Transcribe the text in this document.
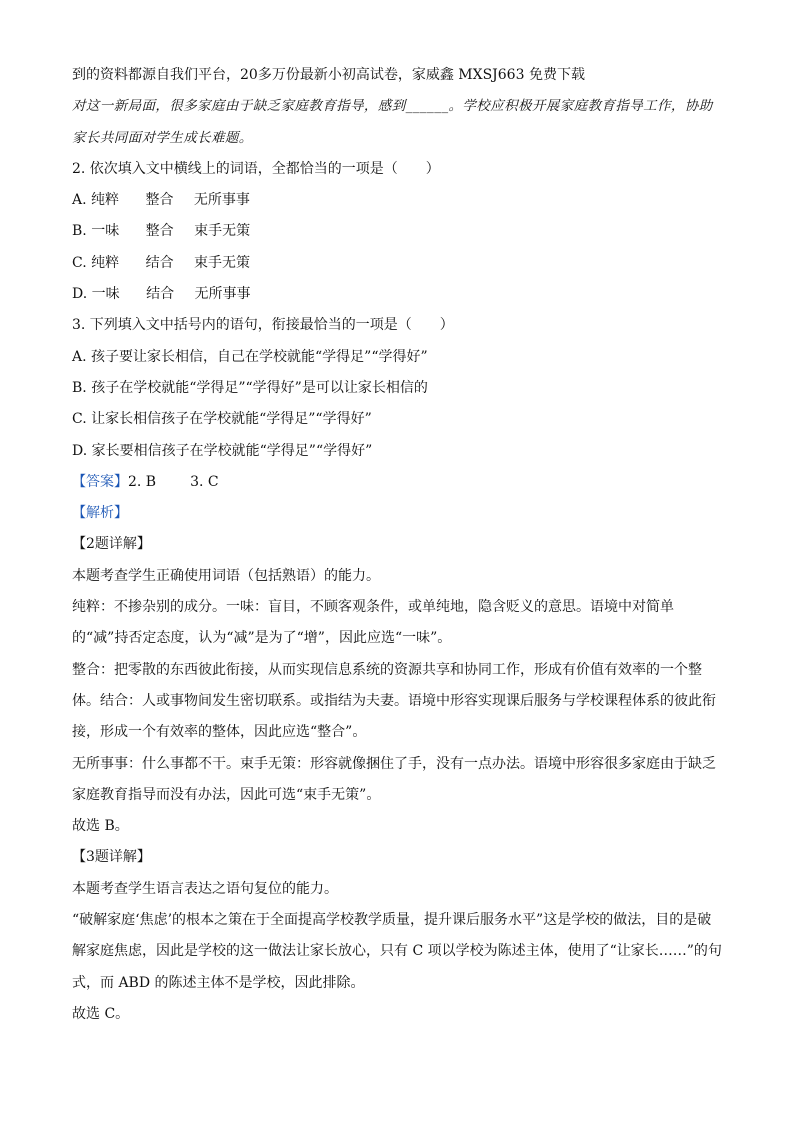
到的资料都源自我们平台，20多万份最新小初高试卷，家威鑫 MXSJ663 免费下载
对这一新局面，很多家庭由于缺乏家庭教育指导，感到______。学校应积极开展家庭教育指导工作，协助
家长共同面对学生成长难题。
2. 依次填入文中横线上的词语，全都恰当的一项是（　　）
A. 纯粹 整合 无所事事
B. 一味 整合 束手无策
C. 纯粹 结合 束手无策
D. 一味 结合 无所事事
3. 下列填入文中括号内的语句，衔接最恰当的一项是（　　）
A. 孩子要让家长相信，自己在学校就能“学得足”“学得好”
B. 孩子在学校就能“学得足”“学得好”是可以让家长相信的
C. 让家长相信孩子在学校就能“学得足”“学得好”
D. 家长要相信孩子在学校就能“学得足”“学得好”
【答案】2. B 3. C
【解析】
【2题详解】
本题考查学生正确使用词语（包括熟语）的能力。
纯粹：不掺杂别的成分。一味：盲目，不顾客观条件，或单纯地，隐含贬义的意思。语境中对简单的“减”持否定态度，认为“减”是为了“增”，因此应选“一味”。
整合：把零散的东西彼此衔接，从而实现信息系统的资源共享和协同工作，形成有价值有效率的一个整体。结合：人或事物间发生密切联系。或指结为夫妻。语境中形容实现课后服务与学校课程体系的彼此衔接，形成一个有效率的整体，因此应选“整合”。
无所事事：什么事都不干。束手无策：形容就像捆住了手，没有一点办法。语境中形容很多家庭由于缺乏家庭教育指导而没有办法，因此可选“束手无策”。
故选 B。
【3题详解】
本题考查学生语言表达之语句复位的能力。
“破解家庭‘焦虑’的根本之策在于全面提高学校教学质量，提升课后服务水平”这是学校的做法，目的是破解家庭焦虑，因此是学校的这一做法让家长放心，只有 C 项以学校为陈述主体，使用了“让家长……”的句式，而 ABD 的陈述主体不是学校，因此排除。
故选 C。
